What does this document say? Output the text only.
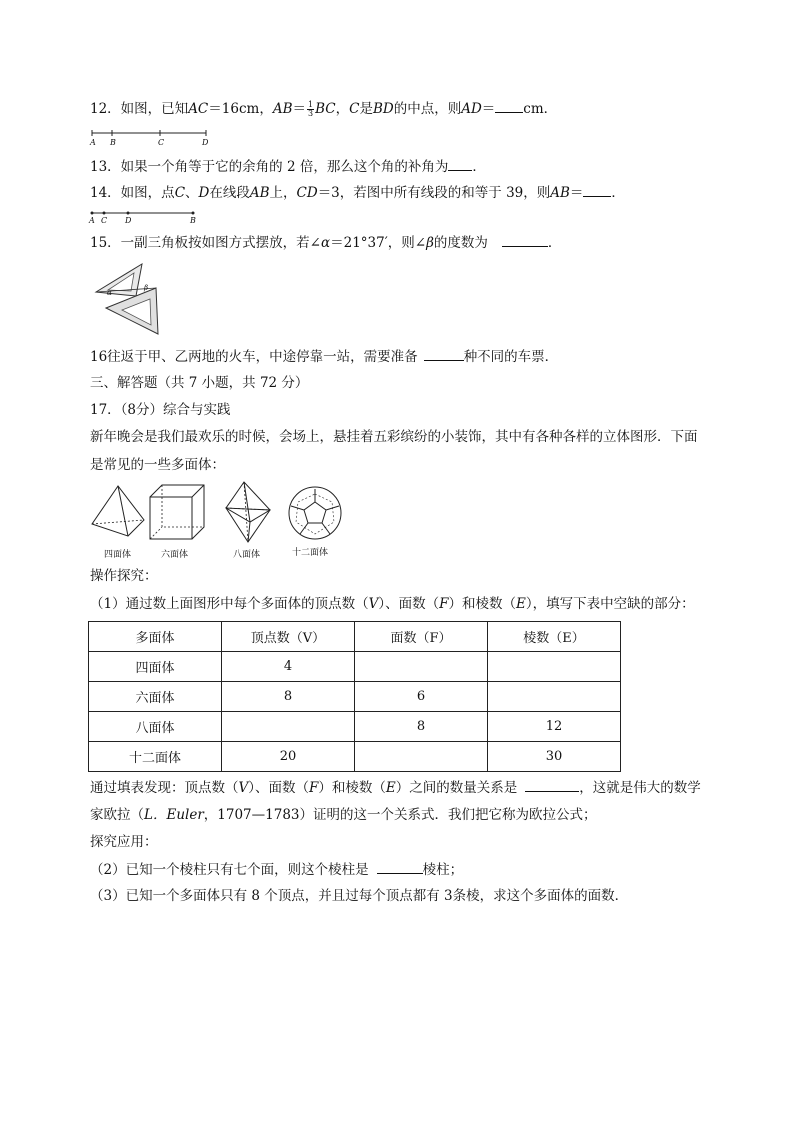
12．如图，已知AC＝16cm，$AB= \frac{1}{3}$ BC，C是BD的中点，则AD＝ cm．
A B	C	D
13．如果一个角等于它的余角的 2 倍，那么这个角的补角为 ．
14．如图，点C、D在线段AB上，CD＝3，若图中所有线段的和等于 39，则AB＝ ．
A C D	B
15．一副三角板按如图方式摆放，若∠α＝21°37′，则∠β的度数为	．
α
β
16往返于甲、乙两地的火车，中途停靠一站，需要准备	种不同的车票．
三、解答题（共 7 小题，共 72 分）
17．（8分）综合与实践
新年晚会是我们最欢乐的时候，会场上，悬挂着五彩缤纷的小装饰，其中有各种各样的立体图形．下面
是常见的一些多面体：
四面体	六面体	八面体	十二面体
操作探究：
（1）通过数上面图形中每个多面体的顶点数（V）、面数（F）和棱数（E），填写下表中空缺的部分：
多面体	顶点数（V）	面数（F）	棱数（E）
四面体	4		
六面体	8	6	
八面体		8	12
十二面体	20		30
通过填表发现：顶点数（V）、面数（F）和棱数（E）之间的数量关系是	，这就是伟大的数学
家欧拉（L．Euler，1707—1783）证明的这一个关系式．我们把它称为欧拉公式；
探究应用：
（2）已知一个棱柱只有七个面，则这个棱柱是	棱柱；
（3）已知一个多面体只有 8 个顶点，并且过每个顶点都有 3条棱，求这个多面体的面数．
